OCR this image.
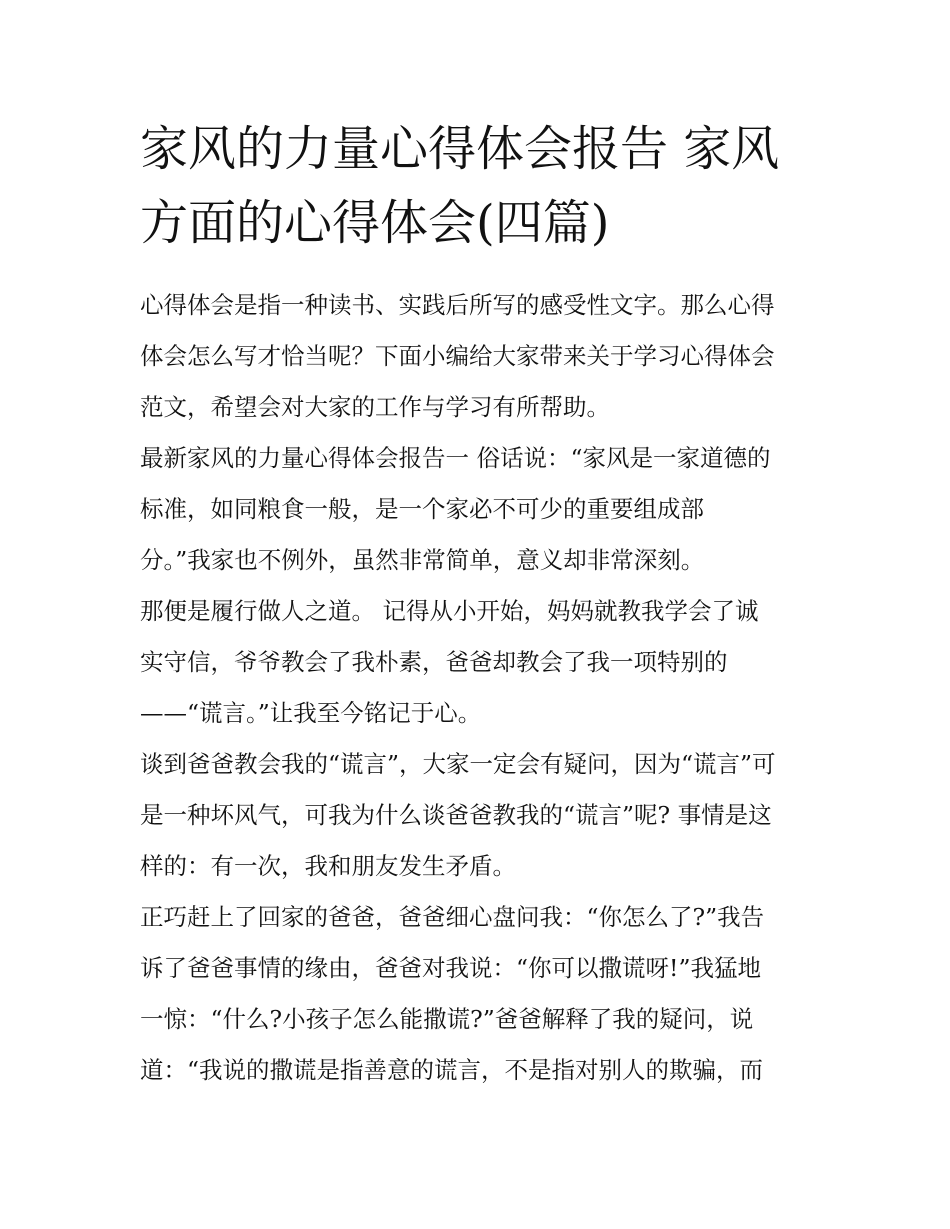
家风的力量心得体会报告 家风
方面的心得体会(四篇)
心得体会是指一种读书、实践后所写的感受性文字。那么心得
体会怎么写才恰当呢？下面小编给大家带来关于学习心得体会
范文，希望会对大家的工作与学习有所帮助。
最新家风的力量心得体会报告一 俗话说：“家风是一家道德的
标准，如同粮食一般，是一个家必不可少的重要组成部
分。”我家也不例外，虽然非常简单，意义却非常深刻。
那便是履行做人之道。 记得从小开始，妈妈就教我学会了诚
实守信，爷爷教会了我朴素，爸爸却教会了我一项特别的
——“谎言。”让我至今铭记于心。
谈到爸爸教会我的“谎言”，大家一定会有疑问，因为“谎言”可
是一种坏风气，可我为什么谈爸爸教我的“谎言”呢? 事情是这
样的：有一次，我和朋友发生矛盾。
正巧赶上了回家的爸爸，爸爸细心盘问我：“你怎么了?”我告
诉了爸爸事情的缘由，爸爸对我说：“你可以撒谎呀!”我猛地
一惊：“什么?小孩子怎么能撒谎?”爸爸解释了我的疑问，说
道：“我说的撒谎是指善意的谎言，不是指对别人的欺骗，而
